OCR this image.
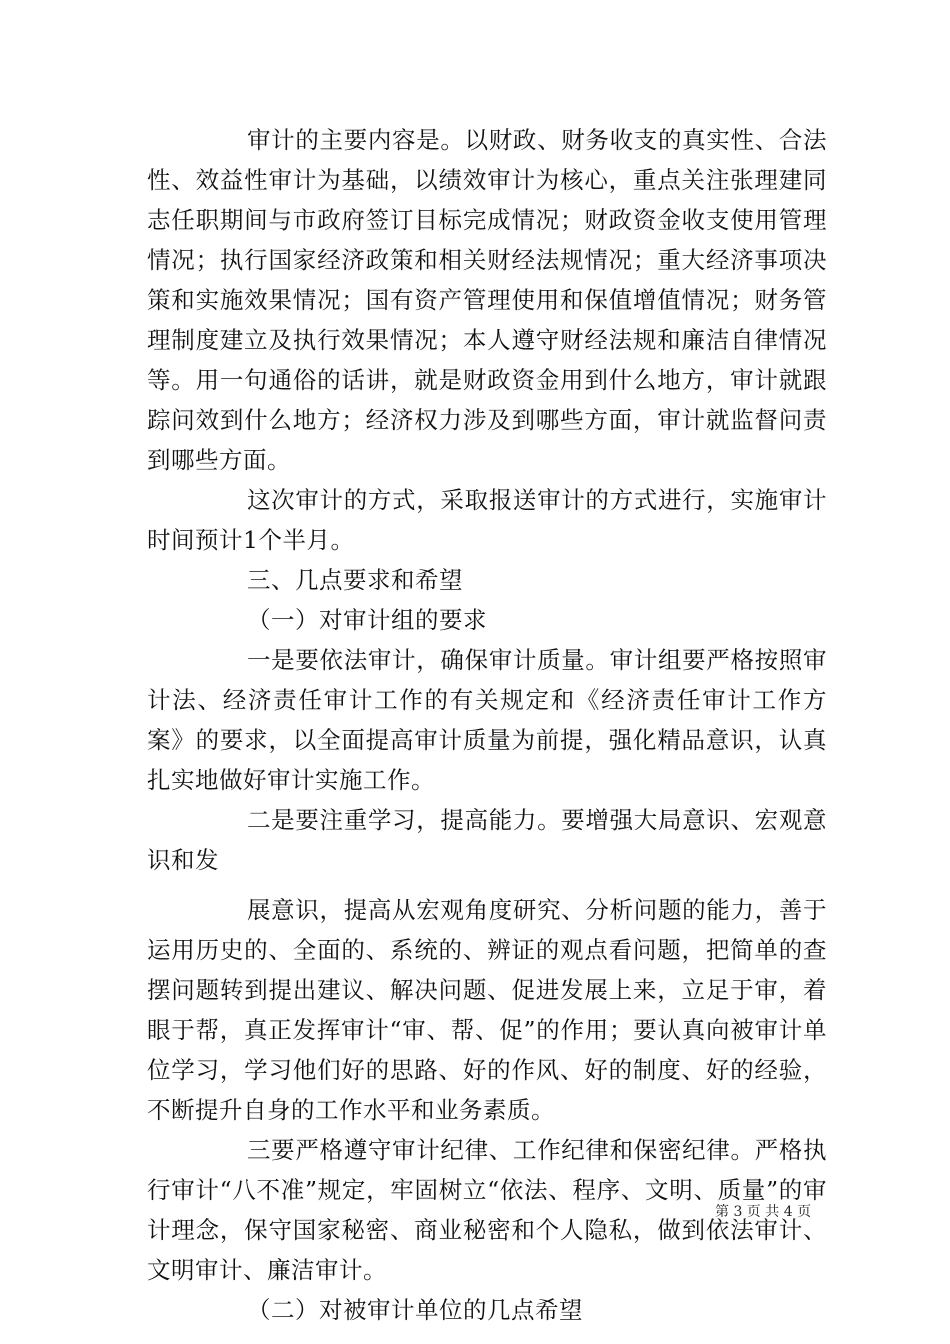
审计的主要内容是。以财政、财务收支的真实性、合法性、效益性审计为基础，以绩效审计为核心，重点关注张理建同志任职期间与市政府签订目标完成情况；财政资金收支使用管理情况；执行国家经济政策和相关财经法规情况；重大经济事项决策和实施效果情况；国有资产管理使用和保值增值情况；财务管理制度建立及执行效果情况；本人遵守财经法规和廉洁自律情况等。用一句通俗的话讲，就是财政资金用到什么地方，审计就跟踪问效到什么地方；经济权力涉及到哪些方面，审计就监督问责到哪些方面。

这次审计的方式，采取报送审计的方式进行，实施审计时间预计1个半月。

三、几点要求和希望

（一）对审计组的要求

一是要依法审计，确保审计质量。审计组要严格按照审计法、经济责任审计工作的有关规定和《经济责任审计工作方案》的要求，以全面提高审计质量为前提，强化精品意识，认真扎实地做好审计实施工作。

二是要注重学习，提高能力。要增强大局意识、宏观意识和发

展意识，提高从宏观角度研究、分析问题的能力，善于运用历史的、全面的、系统的、辨证的观点看问题，把简单的查摆问题转到提出建议、解决问题、促进发展上来，立足于审，着眼于帮，真正发挥审计“审、帮、促”的作用；要认真向被审计单位学习，学习他们好的思路、好的作风、好的制度、好的经验，不断提升自身的工作水平和业务素质。

三要严格遵守审计纪律、工作纪律和保密纪律。严格执行审计“八不准”规定，牢固树立“依法、程序、文明、质量”的审计理念，保守国家秘密、商业秘密和个人隐私，做到依法审计、文明审计、廉洁审计。

（二）对被审计单位的几点希望

第 3 页 共 4 页
